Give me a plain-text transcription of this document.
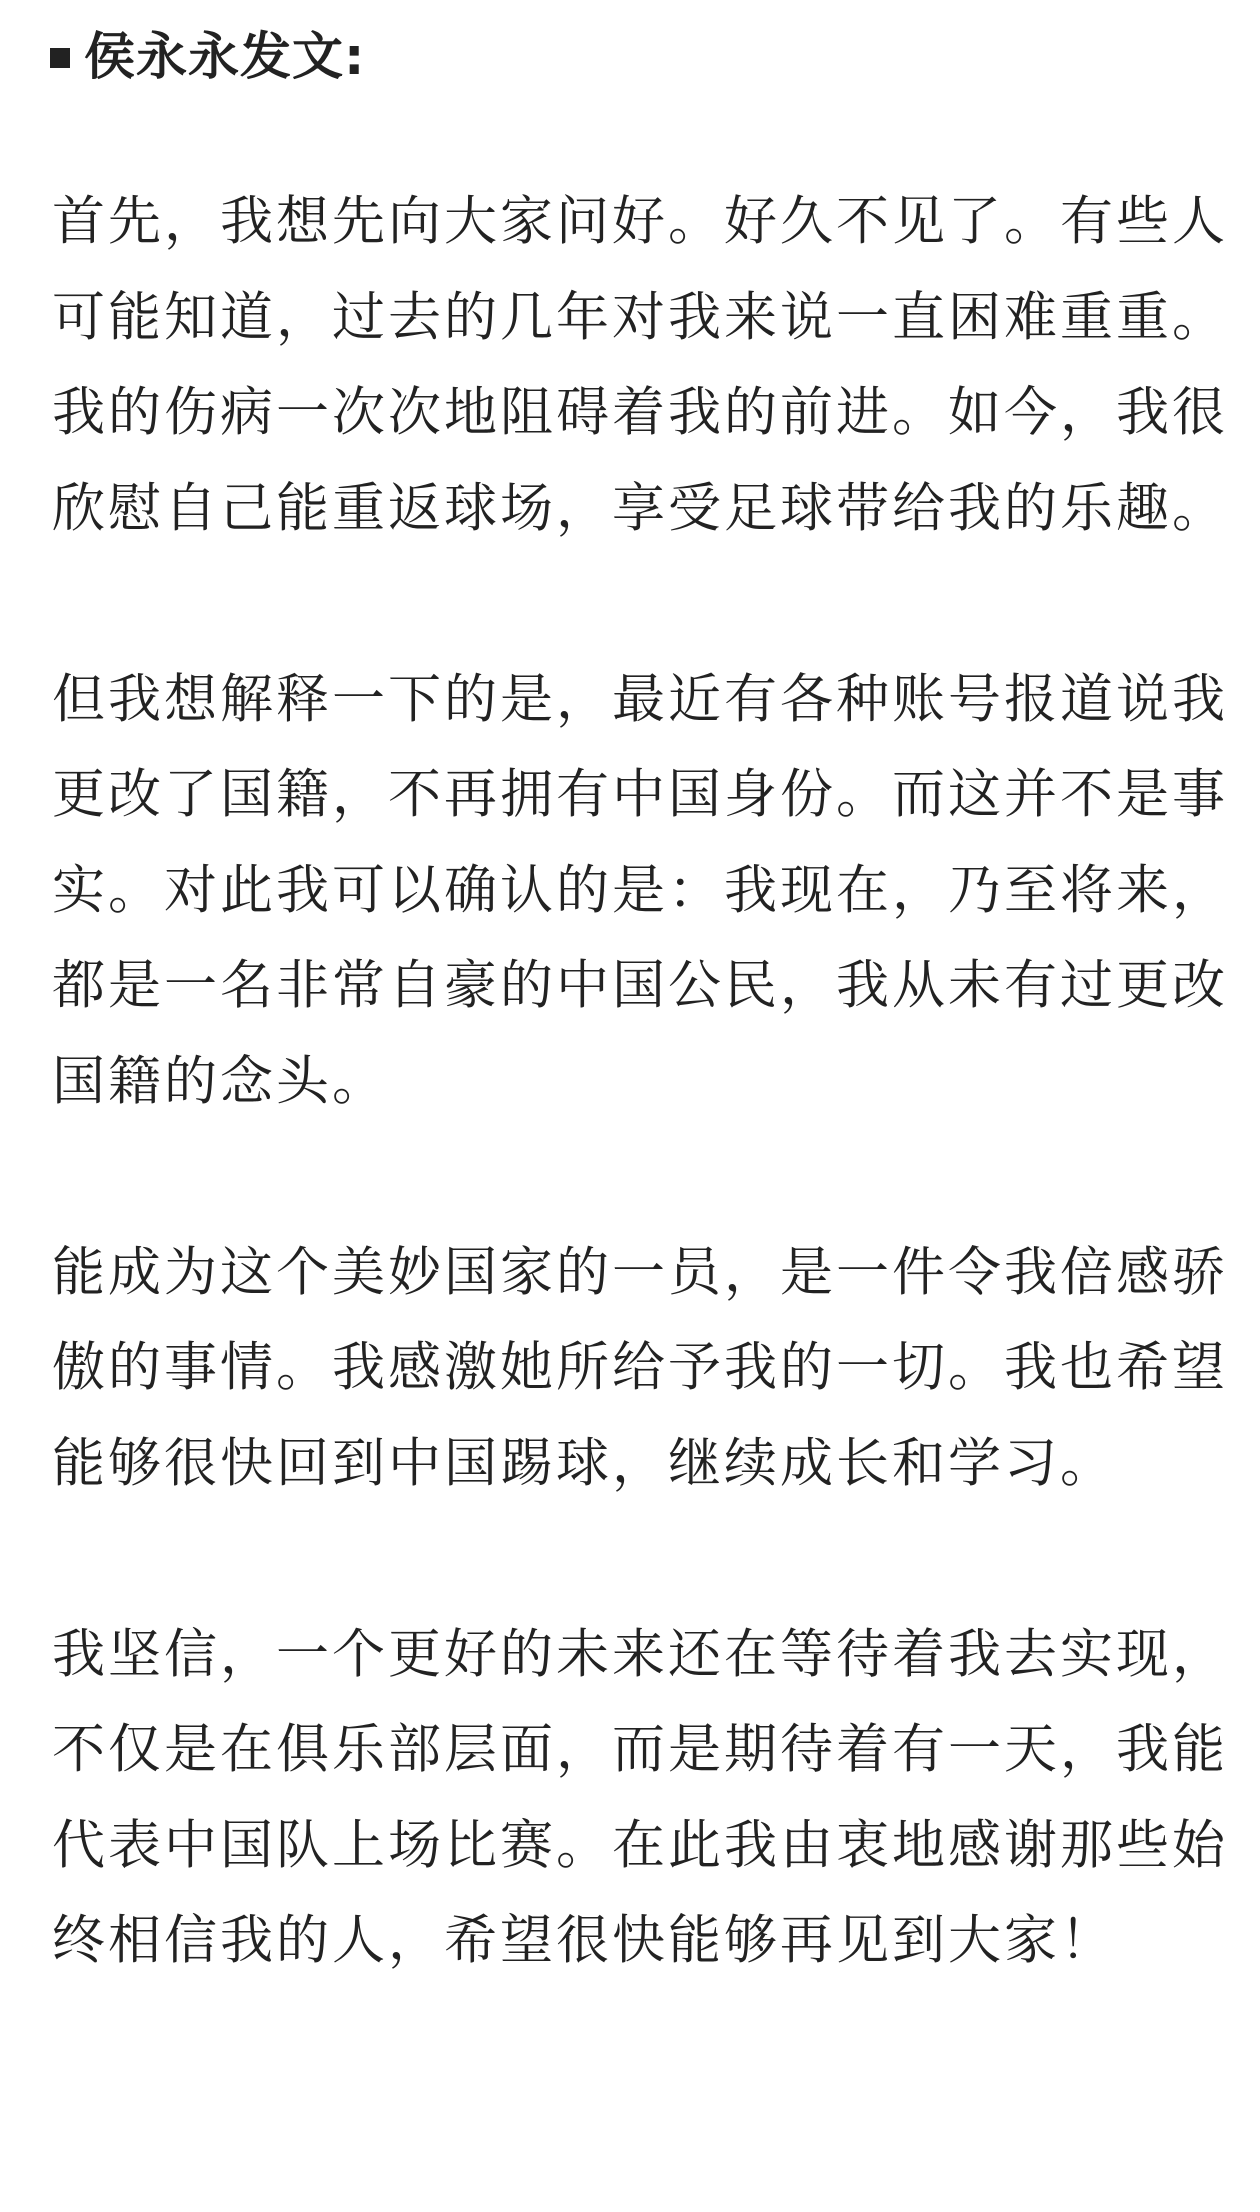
侯永永发文:

首先，我想先向大家问好。好久不见了。有些人可能知道，过去的几年对我来说一直困难重重。我的伤病一次次地阻碍着我的前进。如今，我很欣慰自己能重返球场，享受足球带给我的乐趣。

但我想解释一下的是，最近有各种账号报道说我更改了国籍，不再拥有中国身份。而这并不是事实。对此我可以确认的是：我现在，乃至将来，都是一名非常自豪的中国公民，我从未有过更改国籍的念头。

能成为这个美妙国家的一员，是一件令我倍感骄傲的事情。我感激她所给予我的一切。我也希望能够很快回到中国踢球，继续成长和学习。

我坚信，一个更好的未来还在等待着我去实现，不仅是在俱乐部层面，而是期待着有一天，我能代表中国队上场比赛。在此我由衷地感谢那些始终相信我的人，希望很快能够再见到大家！
